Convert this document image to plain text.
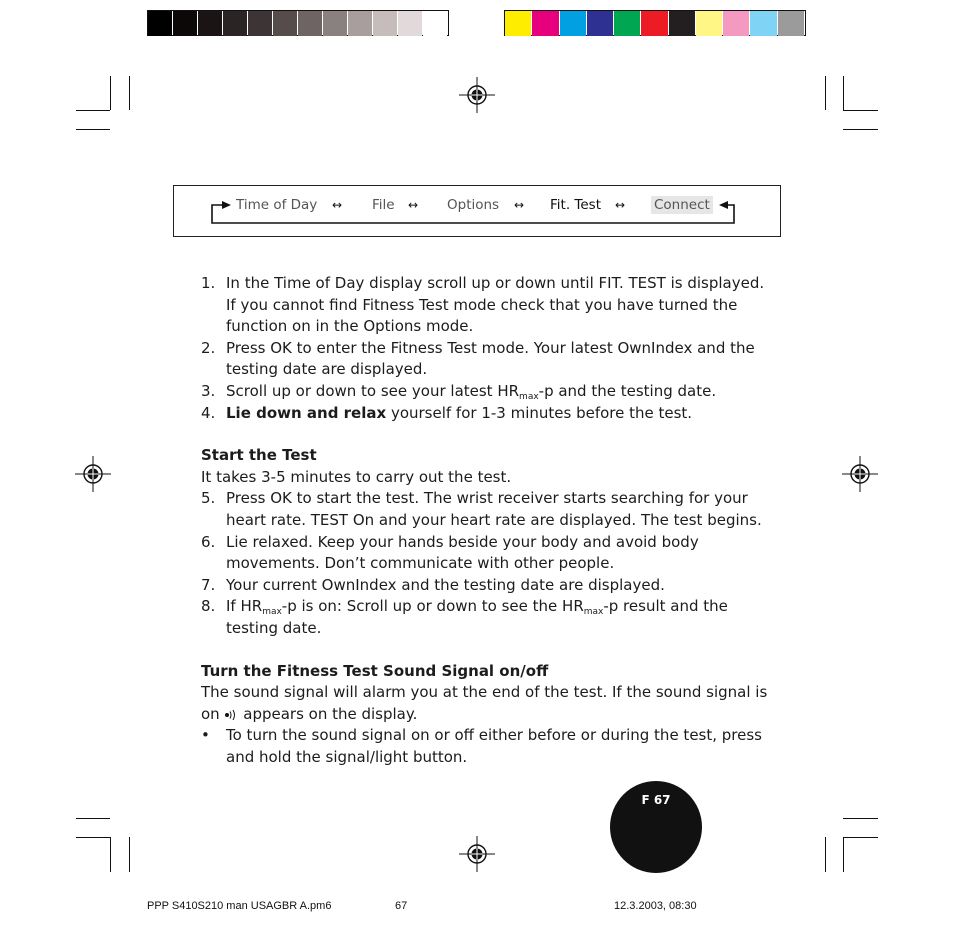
Time of Day ↔ File ↔ Options ↔ Fit. Test ↔ Connect
1. In the Time of Day display scroll up or down until FIT. TEST is displayed. If you cannot find Fitness Test mode check that you have turned the function on in the Options mode.
2. Press OK to enter the Fitness Test mode. Your latest OwnIndex and the testing date are displayed.
3. Scroll up or down to see your latest $HR_{max}-p$ and the testing date.
4. Lie down and relax yourself for 1-3 minutes before the test.
Start the Test
It takes 3-5 minutes to carry out the test.
5. Press OK to start the test. The wrist receiver starts searching for your heart rate. TEST On and your heart rate are displayed. The test begins.
6. Lie relaxed. Keep your hands beside your body and avoid body movements. Don’t communicate with other people.
7. Your current OwnIndex and the testing date are displayed.
8. If $HR_{max}-p$ is on: Scroll up or down to see the $HR_{max}-p$ result and the testing date.
Turn the Fitness Test Sound Signal on/off
The sound signal will alarm you at the end of the test. If the sound signal is on appears on the display.
• To turn the sound signal on or off either before or during the test, press and hold the signal/light button.
F 67
PPP S410S210 man USAGBR A.pm6	67	12.3.2003, 08:30
